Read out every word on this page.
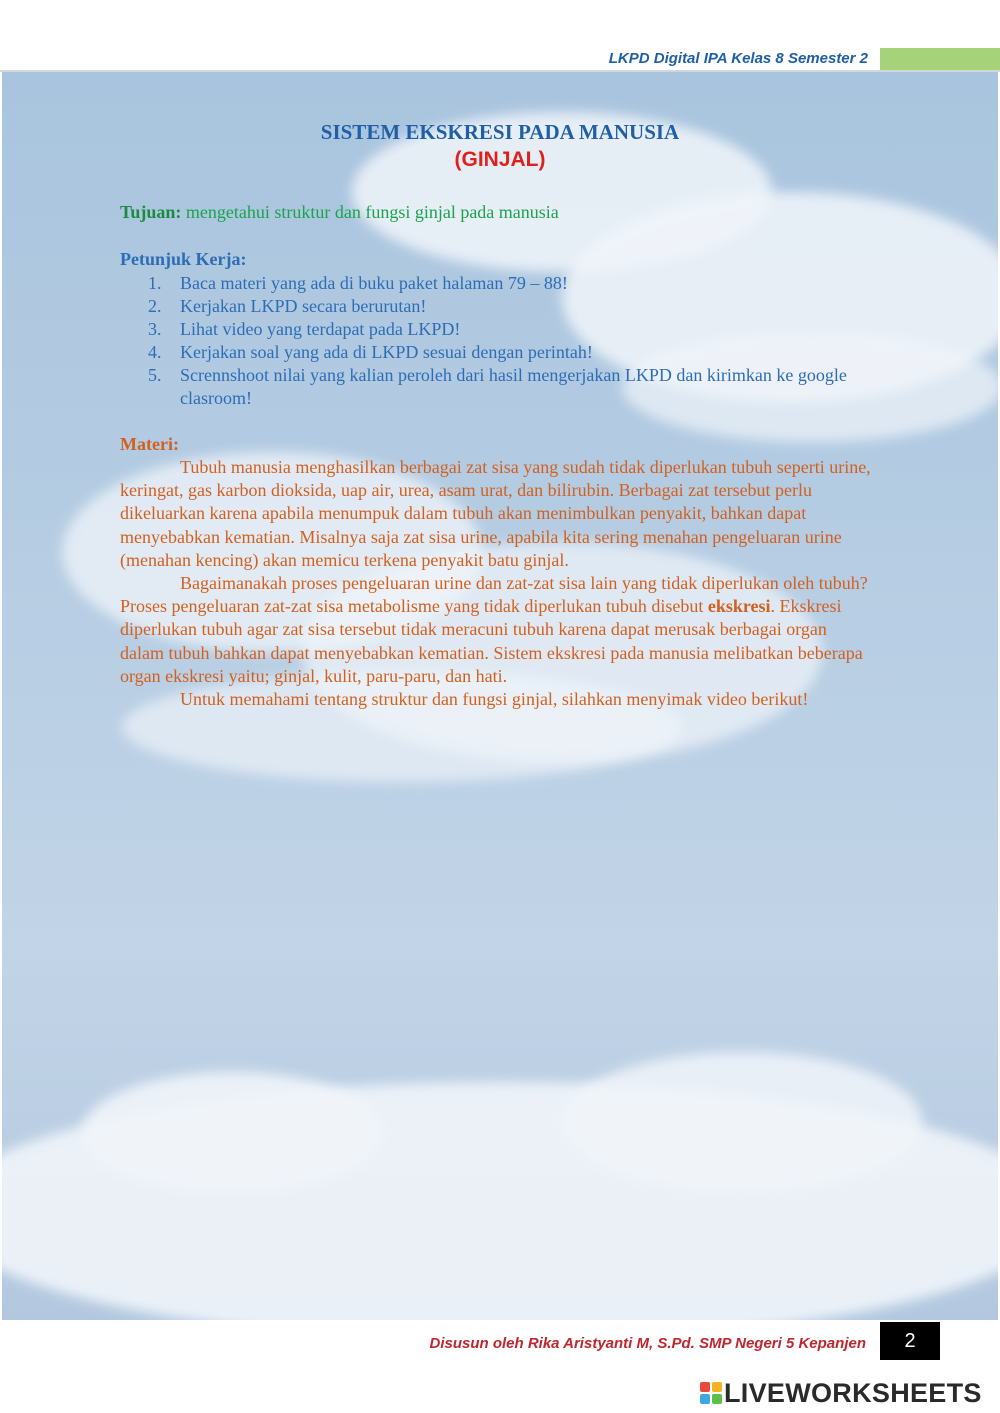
LKPD Digital IPA Kelas 8 Semester 2
SISTEM EKSKRESI PADA MANUSIA
(GINJAL)
Tujuan: mengetahui struktur dan fungsi ginjal pada manusia
Petunjuk Kerja:
1. Baca materi yang ada di buku paket halaman 79 – 88!
2. Kerjakan LKPD secara berurutan!
3. Lihat video yang terdapat pada LKPD!
4. Kerjakan soal yang ada di LKPD sesuai dengan perintah!
5. Scrennshoot nilai yang kalian peroleh dari hasil mengerjakan LKPD dan kirimkan ke google clasroom!
Materi:

Tubuh manusia menghasilkan berbagai zat sisa yang sudah tidak diperlukan tubuh seperti urine, keringat, gas karbon dioksida, uap air, urea, asam urat, dan bilirubin. Berbagai zat tersebut perlu dikeluarkan karena apabila menumpuk dalam tubuh akan menimbulkan penyakit, bahkan dapat menyebabkan kematian. Misalnya saja zat sisa urine, apabila kita sering menahan pengeluaran urine (menahan kencing) akan memicu terkena penyakit batu ginjal.

Bagaimanakah proses pengeluaran urine dan zat-zat sisa lain yang tidak diperlukan oleh tubuh? Proses pengeluaran zat-zat sisa metabolisme yang tidak diperlukan tubuh disebut ekskresi. Ekskresi diperlukan tubuh agar zat sisa tersebut tidak meracuni tubuh karena dapat merusak berbagai organ dalam tubuh bahkan dapat menyebabkan kematian. Sistem ekskresi pada manusia melibatkan beberapa organ ekskresi yaitu; ginjal, kulit, paru-paru, dan hati.

Untuk memahami tentang struktur dan fungsi ginjal, silahkan menyimak video berikut!

Disusun oleh Rika Aristyanti M, S.Pd. SMP Negeri 5 Kepanjen	2
LIVEWORKSHEETS
